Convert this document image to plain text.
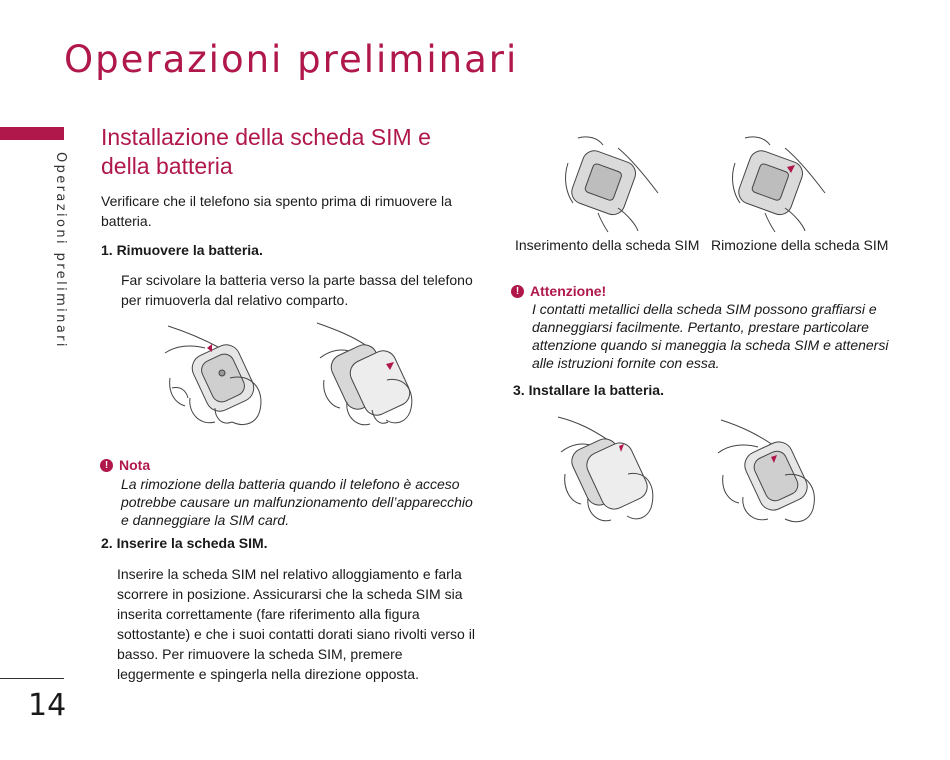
Operazioni preliminari
Operazioni preliminari
14
Installazione della scheda SIM e della batteria
Verificare che il telefono sia spento prima di rimuovere la batteria.
1. Rimuovere la batteria.
Far scivolare la batteria verso la parte bassa del telefono per rimuoverla dal relativo comparto.
! Nota
La rimozione della batteria quando il telefono è acceso potrebbe causare un malfunzionamento dell’apparecchio e danneggiare la SIM card.
2. Inserire la scheda SIM.
Inserire la scheda SIM nel relativo alloggiamento e farla scorrere in posizione. Assicurarsi che la scheda SIM sia inserita correttamente (fare riferimento alla figura sottostante) e che i suoi contatti dorati siano rivolti verso il basso. Per rimuovere la scheda SIM, premere leggermente e spingerla nella direzione opposta.
Inserimento della scheda SIM Rimozione della scheda SIM
! Attenzione!
I contatti metallici della scheda SIM possono graffiarsi e danneggiarsi facilmente. Pertanto, prestare particolare attenzione quando si maneggia la scheda SIM e attenersi alle istruzioni fornite con essa.
3. Installare la batteria.
